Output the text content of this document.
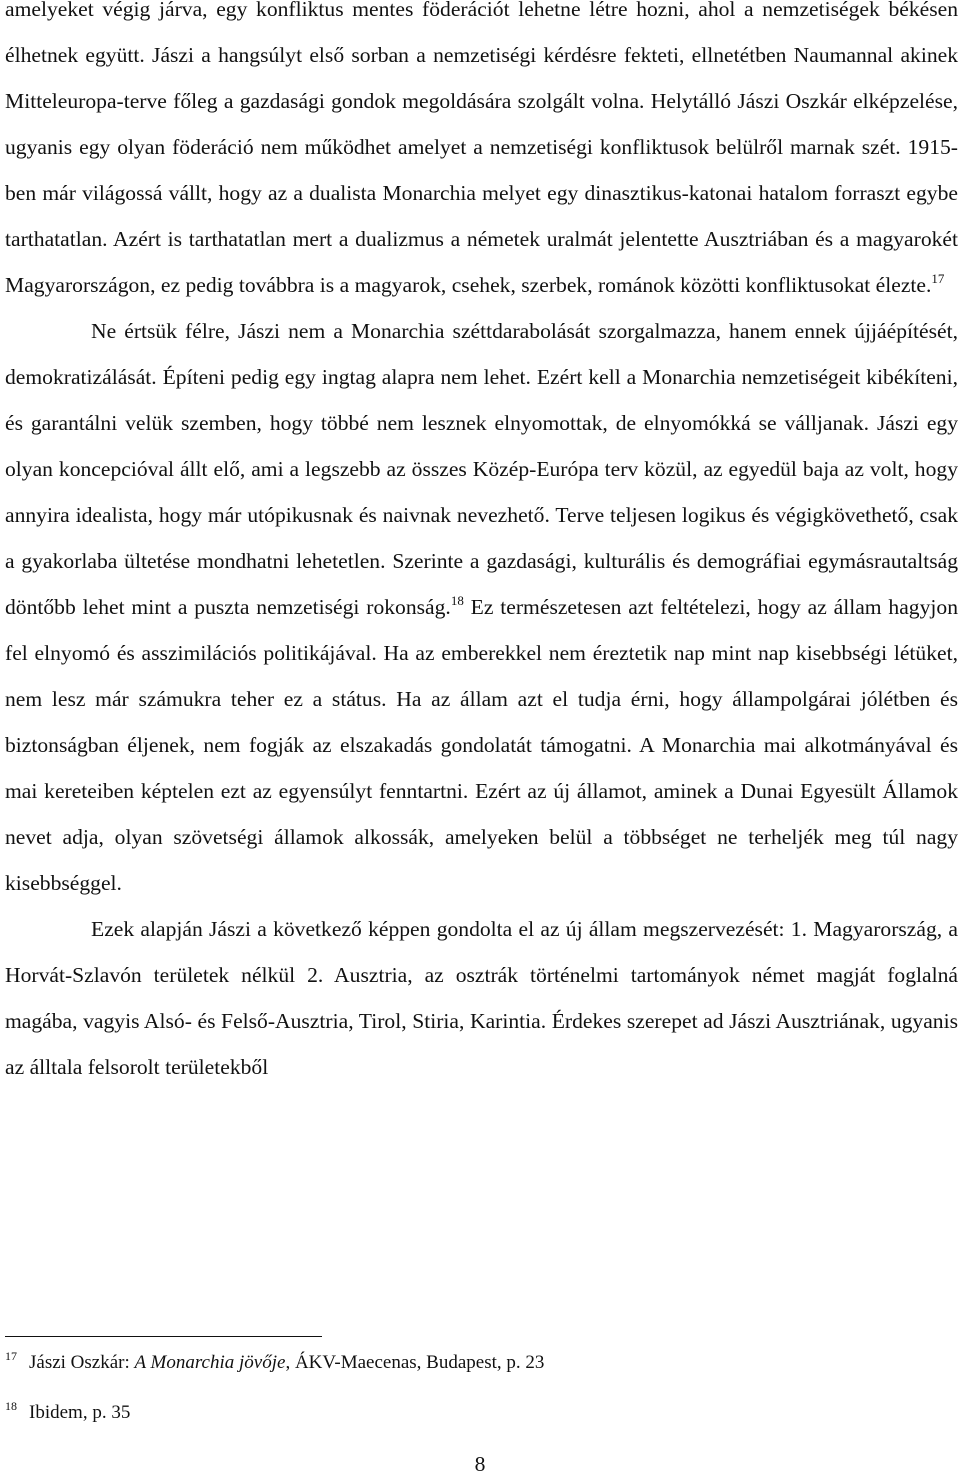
amelyeket végig járva, egy konfliktus mentes föderációt lehetne létre hozni, ahol a nemzetiségek békésen élhetnek együtt. Jászi a hangsúlyt első sorban a nemzetiségi kérdésre fekteti, ellnetétben Naumannal akinek Mitteleuropa-terve főleg a gazdasági gondok megoldására szolgált volna. Helytálló Jászi Oszkár elképzelése, ugyanis egy olyan föderáció nem működhet amelyet a nemzetiségi konfliktusok belülről marnak szét. 1915-ben már világossá vállt, hogy az a dualista Monarchia melyet egy dinasztikus-katonai hatalom forraszt egybe tarthatatlan. Azért is tarthatatlan mert a dualizmus a németek uralmát jelentette Ausztriában és a magyarokét Magyarországon, ez pedig továbbra is a magyarok, csehek, szerbek, románok közötti konfliktusokat élezte.$^{17}$

Ne értsük félre, Jászi nem a Monarchia széttdarabolását szorgalmazza, hanem ennek újjáépítését, demokratizálását. Építeni pedig egy ingtag alapra nem lehet. Ezért kell a Monarchia nemzetiségeit kibékíteni, és garantálni velük szemben, hogy többé nem lesznek elnyomottak, de elnyomókká se válljanak. Jászi egy olyan koncepcióval állt elő, ami a legszebb az összes Közép-Európa terv közül, az egyedül baja az volt, hogy annyira idealista, hogy már utópikusnak és naivnak nevezhető. Terve teljesen logikus és végigkövethető, csak a gyakorlaba ültetése mondhatni lehetetlen. Szerinte a gazdasági, kulturális és demográfiai egymásrautaltság döntőbb lehet mint a puszta nemzetiségi rokonság.$^{18}$ Ez természetesen azt feltételezi, hogy az állam hagyjon fel elnyomó és asszimilációs politikájával. Ha az emberekkel nem éreztetik nap mint nap kisebbségi létüket, nem lesz már számukra teher ez a státus. Ha az állam azt el tudja érni, hogy állampolgárai jólétben és biztonságban éljenek, nem fogják az elszakadás gondolatát támogatni. A Monarchia mai alkotmányával és mai kereteiben képtelen ezt az egyensúlyt fenntartni. Ezért az új államot, aminek a Dunai Egyesült Államok nevet adja, olyan szövetségi államok alkossák, amelyeken belül a többséget ne terheljék meg túl nagy kisebbséggel.

Ezek alapján Jászi a következő képpen gondolta el az új állam megszervezését: 1. Magyarország, a Horvát-Szlavón területek nélkül 2. Ausztria, az osztrák történelmi tartományok német magját foglalná magába, vagyis Alsó- és Felső-Ausztria, Tirol, Stiria, Karintia. Érdekes szerepet ad Jászi Ausztriának, ugyanis az álltala felsorolt területekből

$^{17}$ Jászi Oszkár: A Monarchia jövője, ÁKV-Maecenas, Budapest, p. 23
$^{18}$ Ibidem, p. 35
8
